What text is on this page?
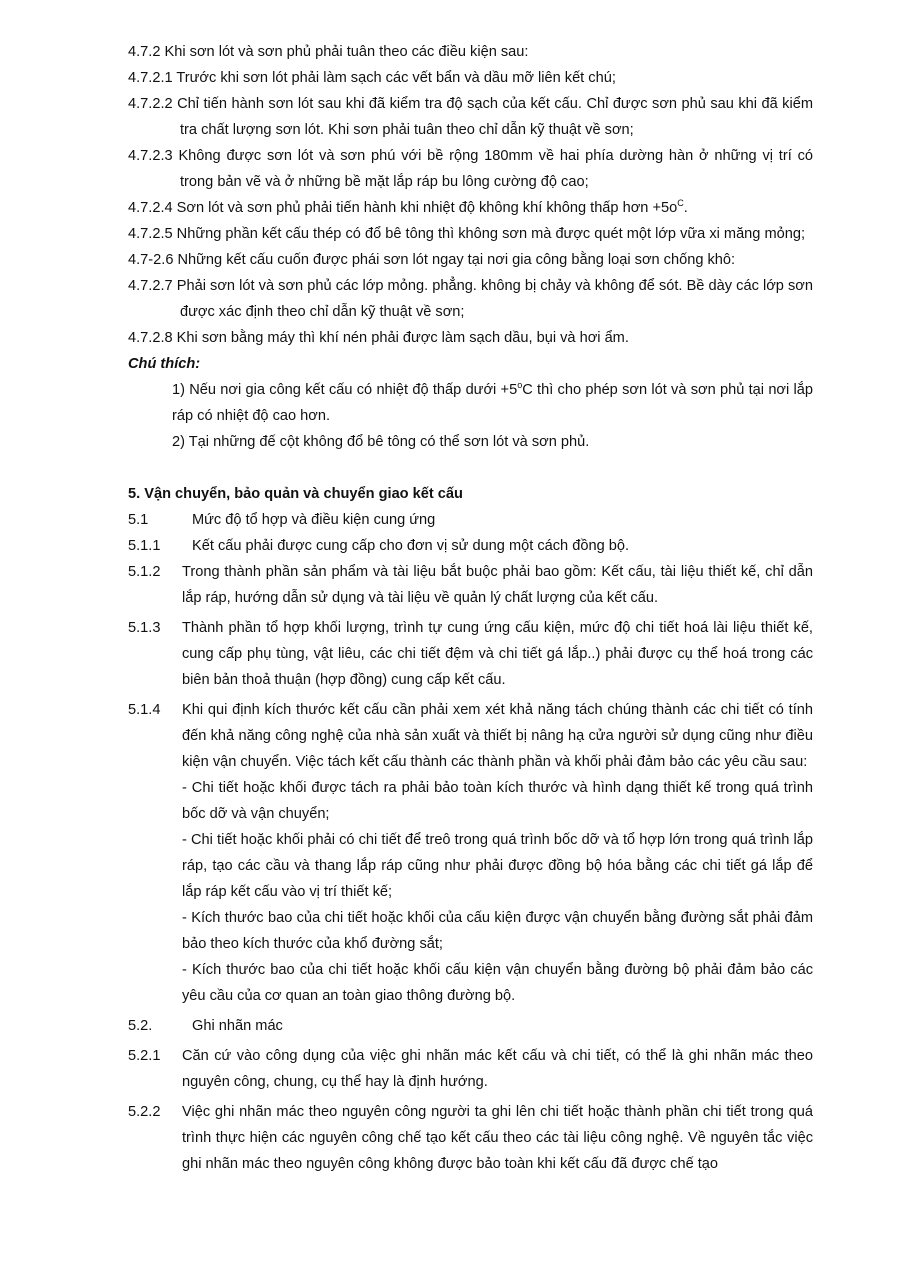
4.7.2 Khi sơn lót và sơn phủ phải tuân theo các điều kiện sau:

4.7.2.1 Trước khi sơn lót phải làm sạch các vết bẩn và dầu mỡ liên kết chú;

4.7.2.2 Chỉ tiến hành sơn lót sau khi đã kiểm tra độ sạch của kết cấu. Chỉ được sơn phủ sau khi đã kiểm tra chất lượng sơn lót. Khi sơn phải tuân theo chỉ dẫn kỹ thuật về sơn;

4.7.2.3 Không được sơn lót và sơn phú với bề rộng 180mm về hai phía dường hàn ở những vị trí có trong bản vẽ và ở những bề mặt lắp ráp bu lông cường độ cao;

4.7.2.4 Sơn lót và sơn phủ phải tiến hành khi nhiệt độ không khí không thấp hơn $+5o^C$.

4.7.2.5 Những phần kết cấu thép có đổ bê tông thì không sơn mà được quét một lớp vữa xi măng mỏng;

4.7-2.6 Những kết cấu cuốn được phái sơn lót ngay tại nơi gia công bằng loại sơn chống khô:

4.7.2.7 Phải sơn lót và sơn phủ các lớp mỏng. phẳng. không bị chảy và không để sót. Bề dày các lớp sơn được xác định theo chỉ dẫn kỹ thuật về sơn;

4.7.2.8 Khi sơn bằng máy thì khí nén phải được làm sạch dầu, bụi và hơi ẩm.

Chú thích:

1) Nếu nơi gia công kết cấu có nhiệt độ thấp dưới $+5^oC$ thì cho phép sơn lót và sơn phủ tại nơi lắp ráp có nhiệt độ cao hơn.

2) Tại những đế cột không đổ bê tông có thể sơn lót và sơn phủ.

5. Vận chuyển, bảo quản và chuyển giao kết cấu

5.1	Mức độ tổ hợp và điều kiện cung ứng
5.1.1	Kết cấu phải được cung cấp cho đơn vị sử dung một cách đồng bộ.
5.1.2	Trong thành phần sản phẩm và tài liệu bắt buộc phải bao gồm: Kết cấu, tài liệu thiết kế, chỉ dẫn lắp ráp, hướng dẫn sử dụng và tài liệu về quản lý chất lượng của kết cấu.
5.1.3	Thành phần tổ hợp khối lượng, trình tự cung ứng cấu kiện, mức độ chi tiết hoá lài liệu thiết kế, cung cấp phụ tùng, vật liêu, các chi tiết đệm và chi tiết gá lắp..) phải được cụ thể hoá trong các biên bản thoả thuận (hợp đồng) cung cấp kết cấu.
5.1.4	Khi qui định kích thước kết cấu cần phải xem xét khả năng tách chúng thành các chi tiết có tính đến khả năng công nghệ của nhà sản xuất và thiết bị nâng hạ cửa người sử dụng cũng như điều kiện vận chuyển. Việc tách kết cấu thành các thành phần và khối phải đảm bảo các yêu cầu sau:

- Chi tiết hoặc khối được tách ra phải bảo toàn kích thước và hình dạng thiết kế trong quá trình bốc dỡ và vận chuyển;

- Chi tiết hoặc khối phải có chi tiết để treô trong quá trình bốc dỡ và tổ hợp lớn trong quá trình lắp ráp, tạo các cầu và thang lắp ráp cũng như phải được đồng bộ hóa bằng các chi tiết gá lắp để lắp ráp kết cấu vào vị trí thiết kế;

- Kích thước bao của chi tiết hoặc khối của cấu kiện được vận chuyển bằng đường sắt phải đảm bảo theo kích thước của khổ đường sắt;

- Kích thước bao của chi tiết hoặc khối cấu kiện vận chuyển bằng đường bộ phải đảm bảo các yêu cầu của cơ quan an toàn giao thông đường bộ.

5.2.	Ghi nhãn mác
5.2.1	Căn cứ vào công dụng của việc ghi nhãn mác kết cấu và chi tiết, có thể là ghi nhãn mác theo nguyên công, chung, cụ thể hay là định hướng.
5.2.2	Việc ghi nhãn mác theo nguyên công người ta ghi lên chi tiết hoặc thành phần chi tiết trong quá trình thực hiện các nguyên công chế tạo kết cấu theo các tài liệu công nghệ. Về nguyên tắc việc ghi nhãn mác theo nguyên công không được bảo toàn khi kết cấu đã được chế tạo
